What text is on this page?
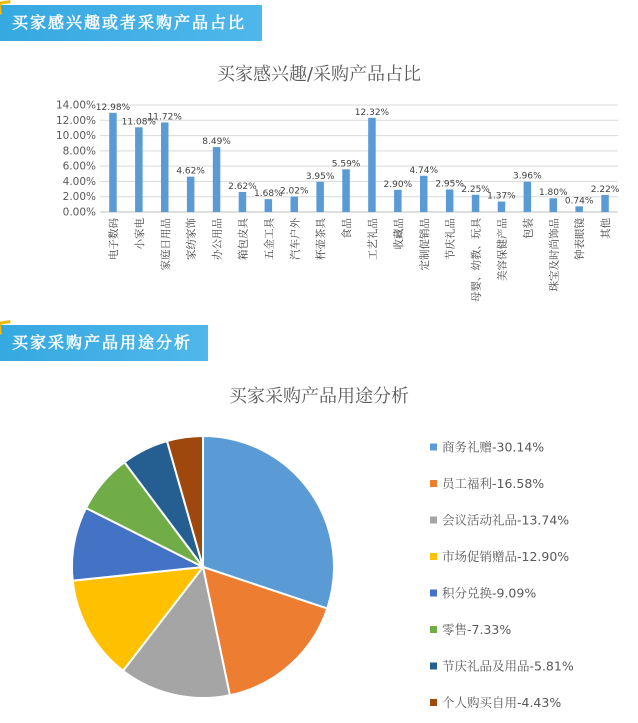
买家感兴趣或者采购产品占比
买家感兴趣/采购产品占比
0.00%
2.00%
4.00%
6.00%
8.00%
10.00%
12.00%
14.00% 12.98%
电子数码
11.08%
小家电
11.72%
家庭日用品
4.62%
家纺家饰
8.49%
办公用品
2.62%
箱包皮具
1.68%
五金工具
2.02%
汽车户外
3.95%
杯壶茶具
5.59%
食品
12.32%
工艺礼品
2.90%
收藏品
4.74%
定制促销品
2.95%
节庆礼品
2.25%
母婴、幼教、玩具
1.37%
美容保健产品
3.96%
包装
1.80%
珠宝及时尚饰品
0.74%
钟表眼镜
2.22%
其他
买家采购产品用途分析
买家采购产品用途分析
商务礼赠-30.14%
员工福利-16.58%
会议活动礼品-13.74%
市场促销赠品-12.90%
积分兑换-9.09%
零售-7.33%
节庆礼品及用品-5.81%
个人购买自用-4.43%
